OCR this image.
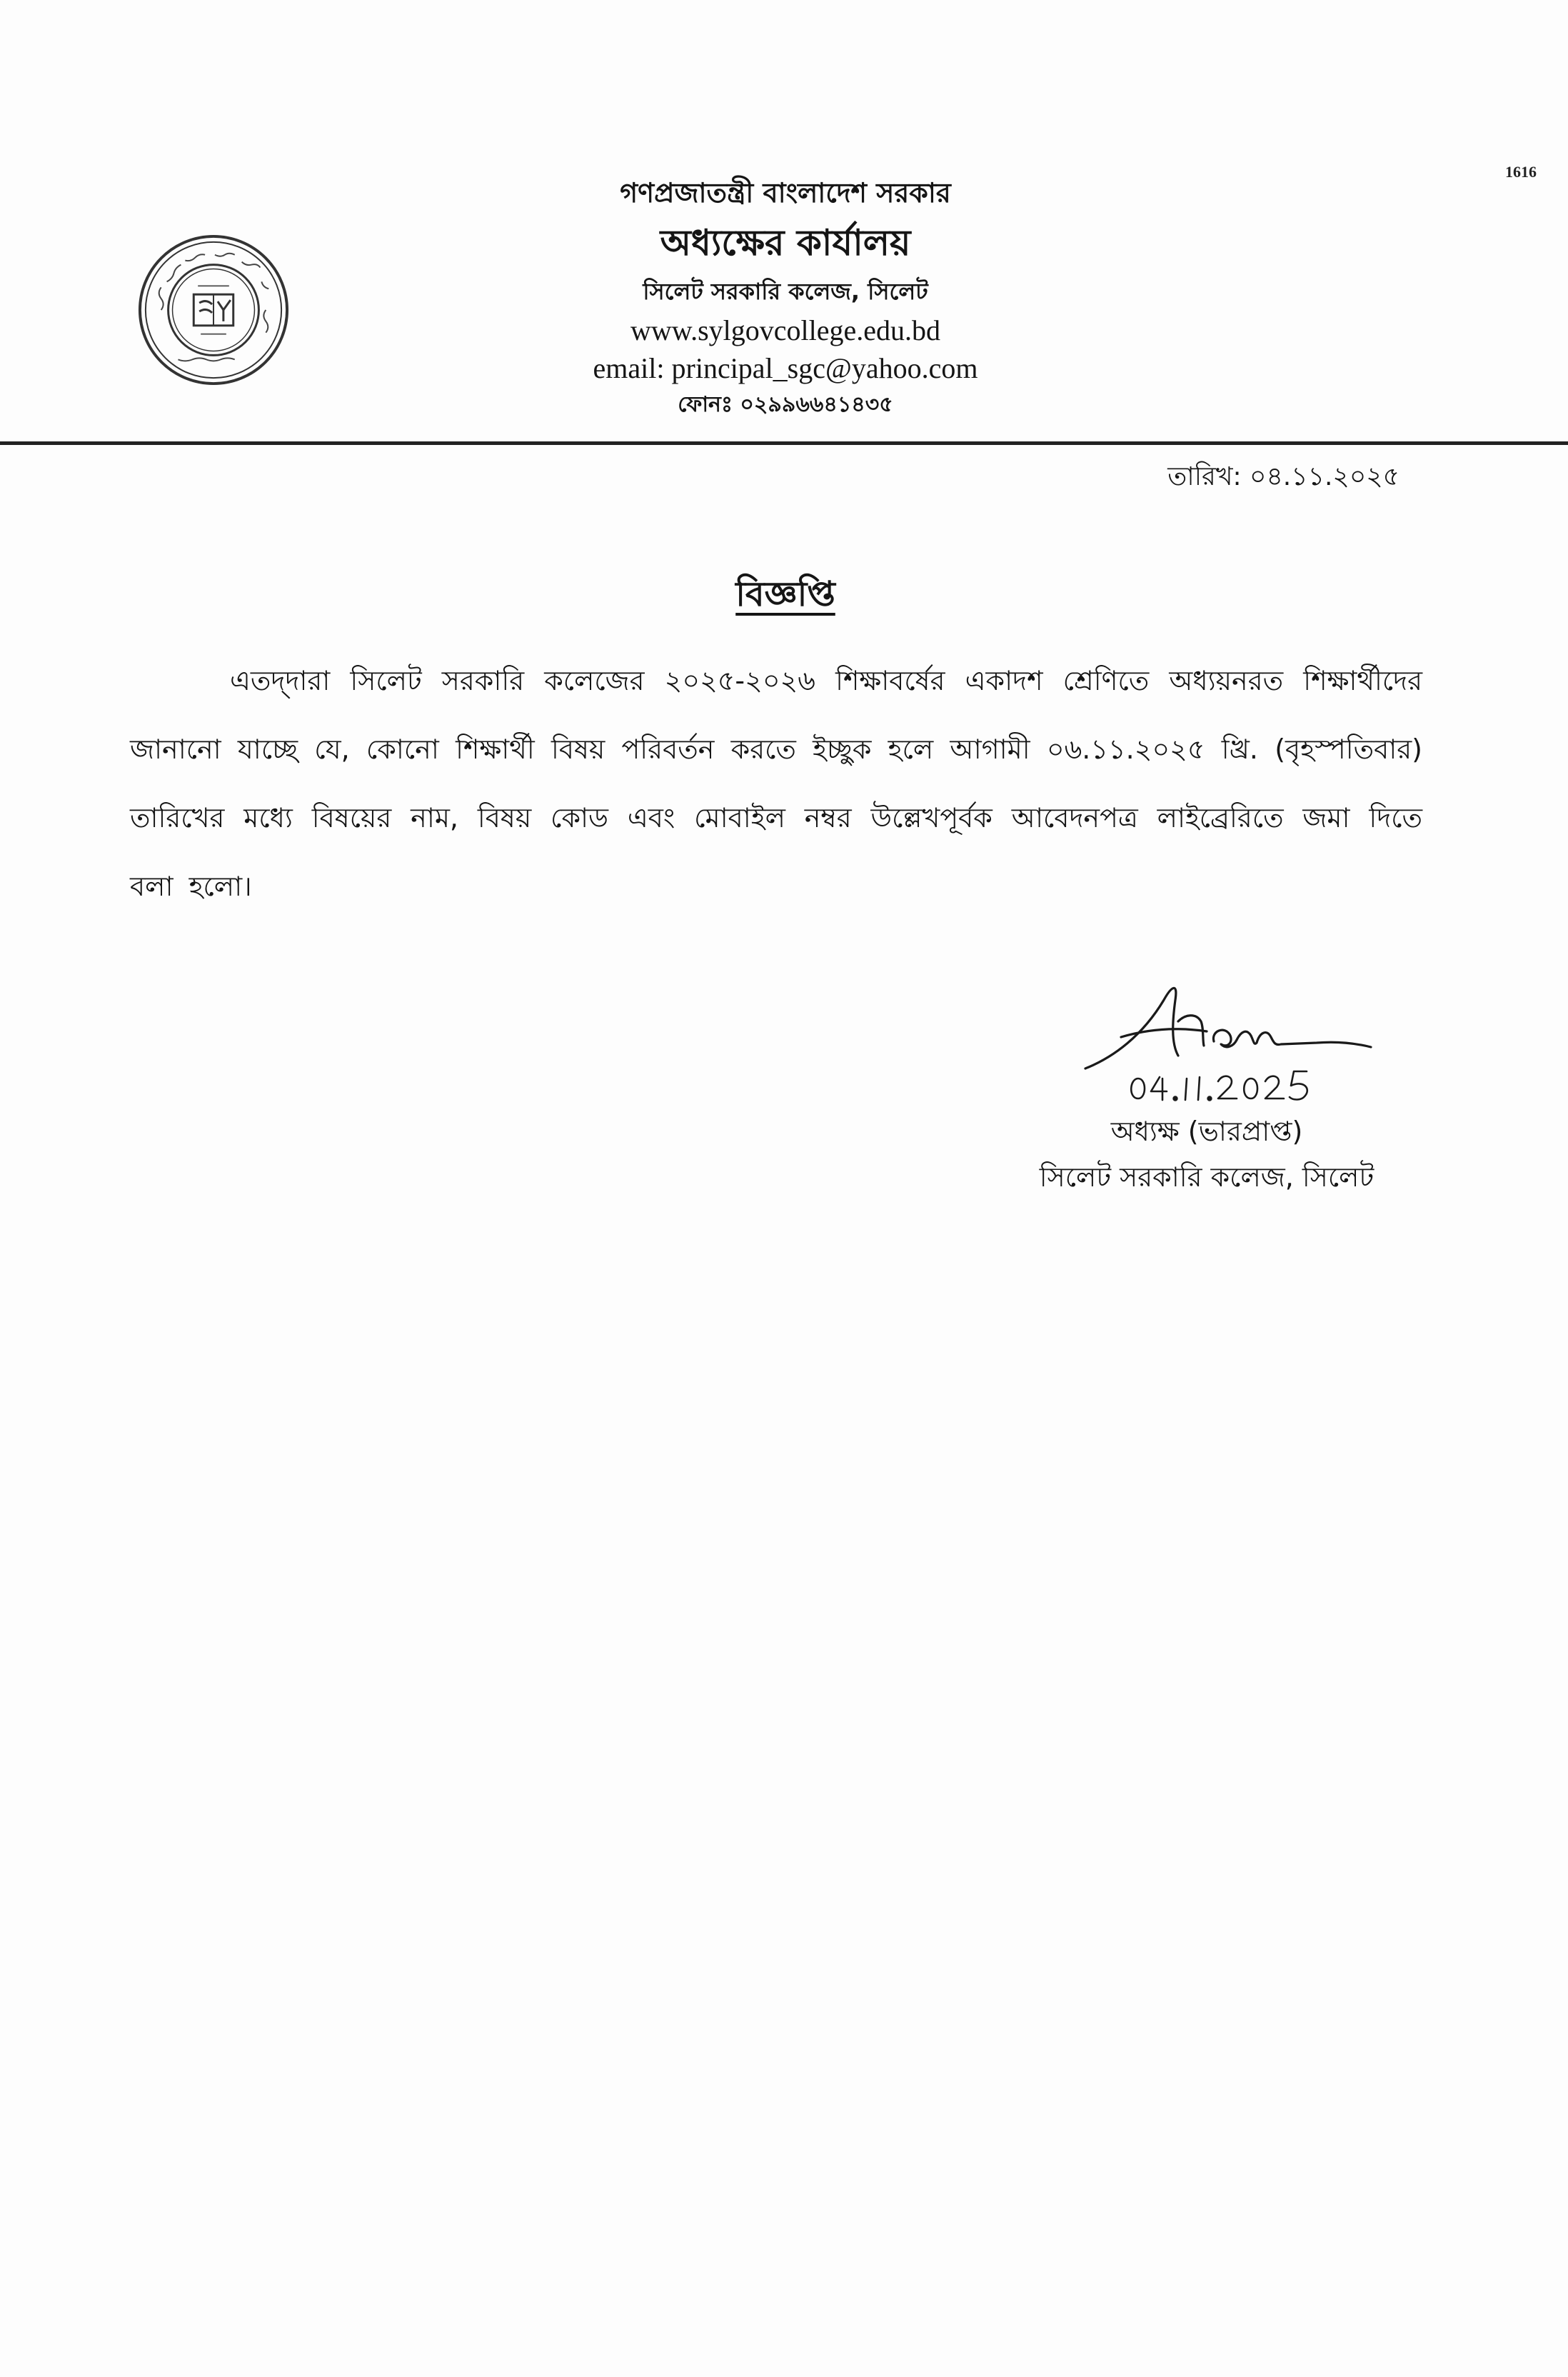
1616
গণপ্রজাতন্ত্রী বাংলাদেশ সরকার
অধ্যক্ষের কার্যালয়
সিলেট সরকারি কলেজ, সিলেট
www.sylgovcollege.edu.bd
email: principal_sgc@yahoo.com
ফোনঃ ০২৯৯৬৬৪১৪৩৫
তারিখ: ০৪.১১.২০২৫
বিজ্ঞপ্তি
এতদ্‌দারা সিলেট সরকারি কলেজের ২০২৫-২০২৬ শিক্ষাবর্ষের একাদশ শ্রেণিতে অধ্যয়নরত শিক্ষার্থীদের জানানো যাচ্ছে যে, কোনো শিক্ষার্থী বিষয় পরিবর্তন করতে ইচ্ছুক হলে আগামী ০৬.১১.২০২৫ খ্রি. (বৃহস্পতিবার) তারিখের মধ্যে বিষয়ের নাম, বিষয় কোড এবং মোবাইল নম্বর উল্লেখপূর্বক আবেদনপত্র লাইব্রেরিতে জমা দিতে বলা হলো।
অধ্যক্ষ (ভারপ্রাপ্ত)
সিলেট সরকারি কলেজ, সিলেট
